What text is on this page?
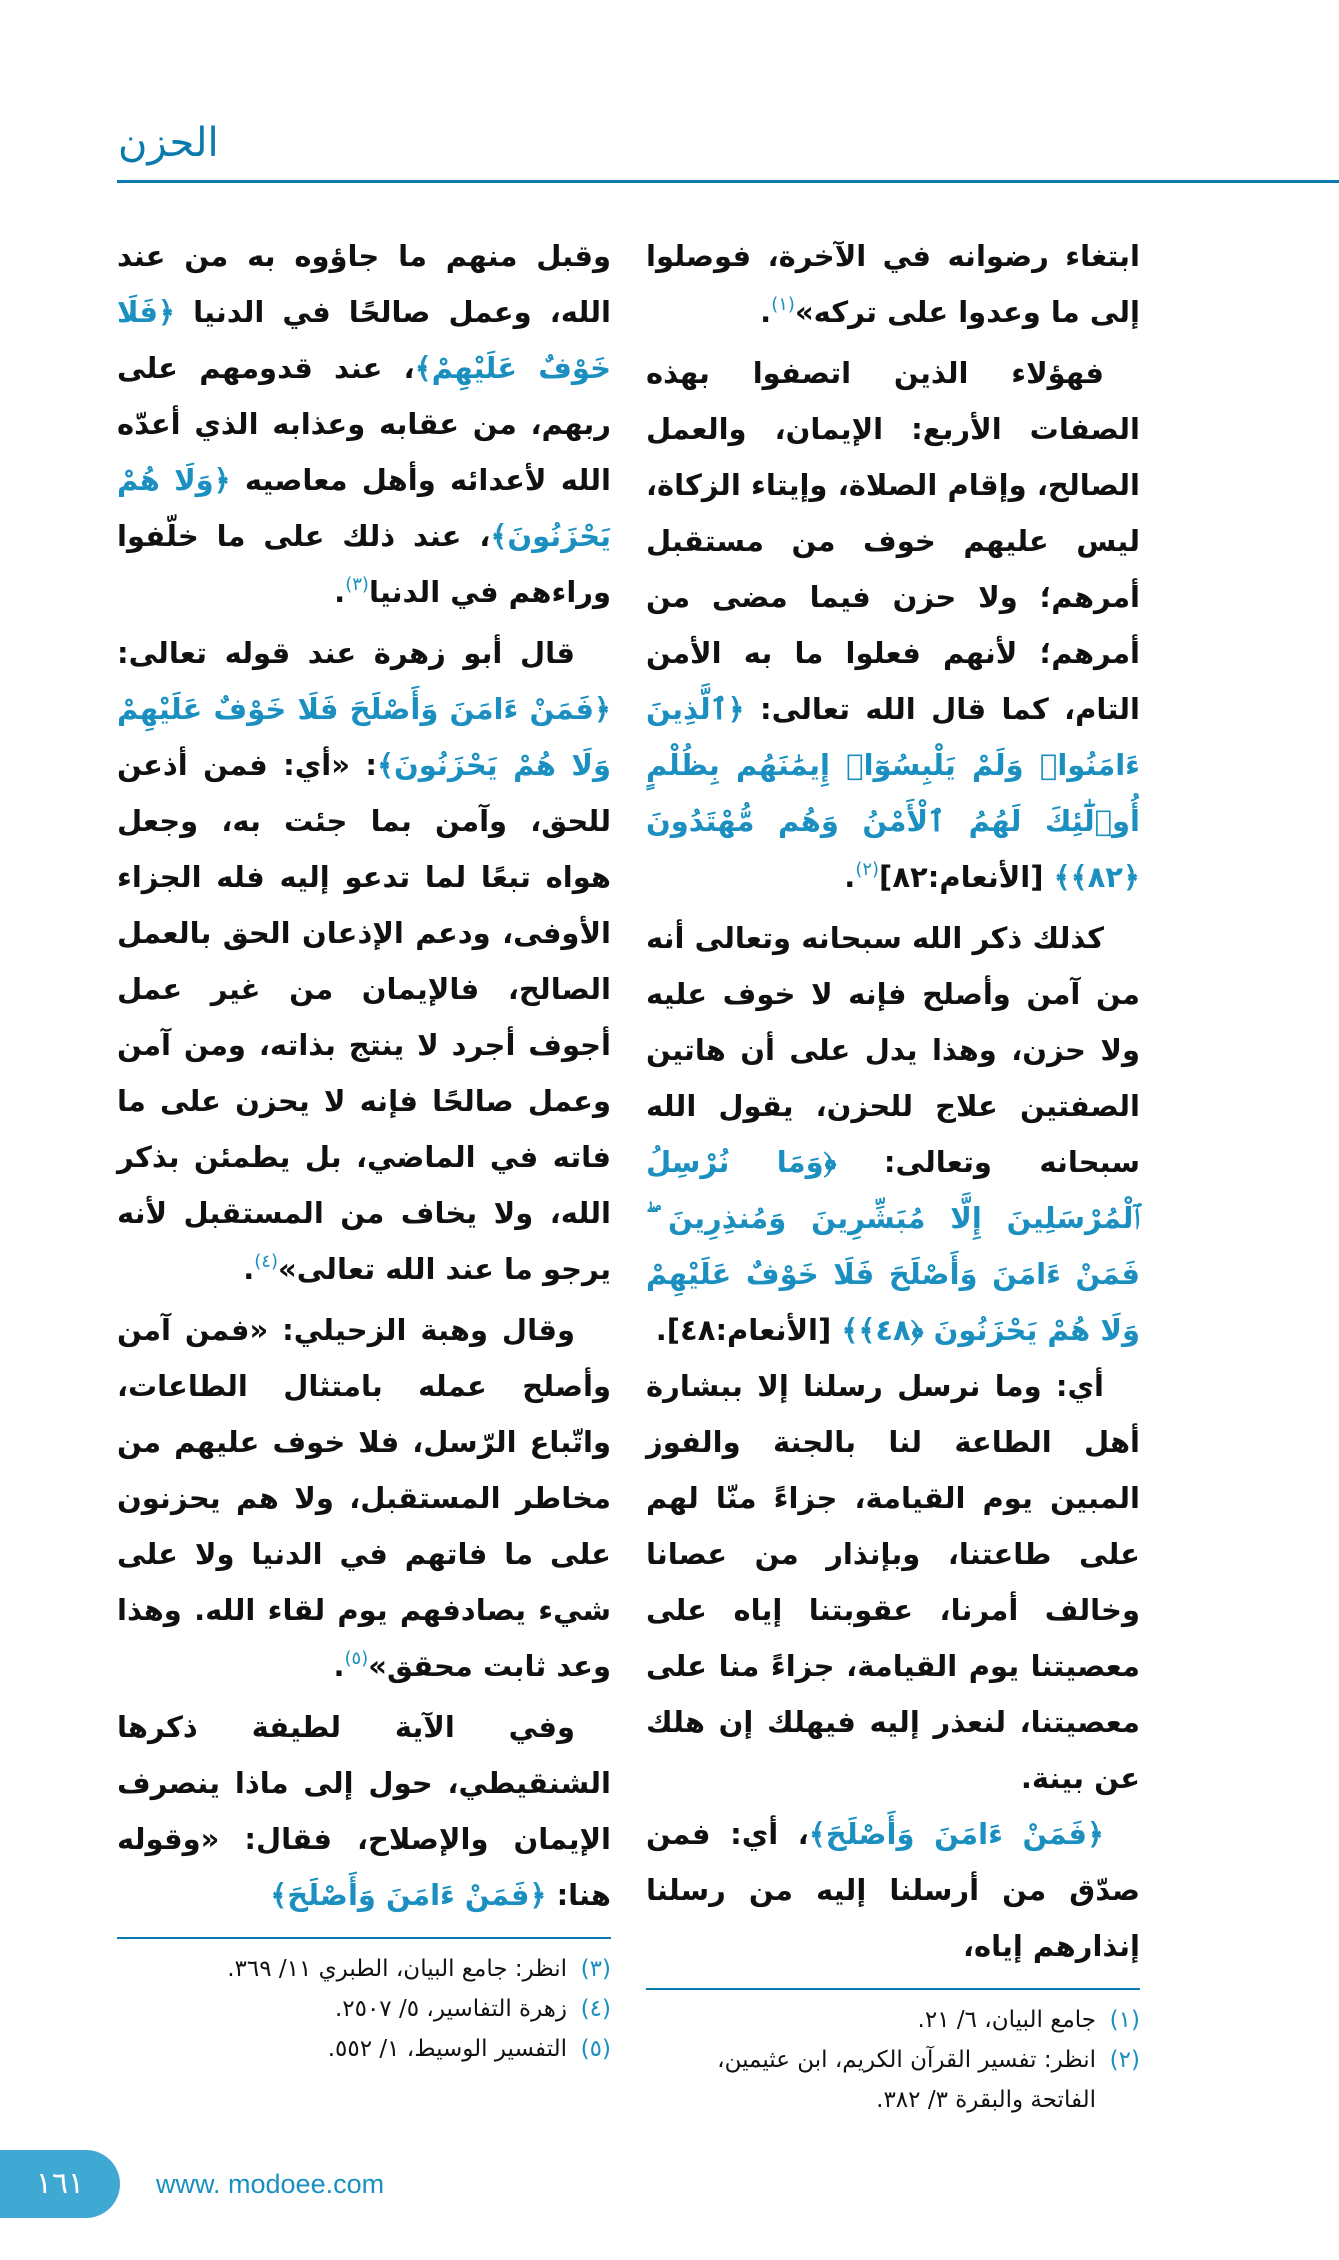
الحزن

وقبل منهم ما جاؤوه به من عند الله، وعمل صالحًا في الدنيا ﴿فَلَا خَوْفٌ عَلَيْهِمْ﴾، عند قدومهم على ربهم، من عقابه وعذابه الذي أعدّه الله لأعدائه وأهل معاصيه ﴿وَلَا هُمْ يَحْزَنُونَ﴾، عند ذلك على ما خلّفوا وراءهم في الدنيا$^{(٣)}$.

قال أبو زهرة عند قوله تعالى: ﴿فَمَنْ ءَامَنَ وَأَصْلَحَ فَلَا خَوْفٌ عَلَيْهِمْ وَلَا هُمْ يَحْزَنُونَ﴾: «أي: فمن أذعن للحق، وآمن بما جئت به، وجعل هواه تبعًا لما تدعو إليه فله الجزاء الأوفى، ودعم الإذعان الحق بالعمل الصالح، فالإيمان من غير عمل أجوف أجرد لا ينتج بذاته، ومن آمن وعمل صالحًا فإنه لا يحزن على ما فاته في الماضي، بل يطمئن بذكر الله، ولا يخاف من المستقبل لأنه يرجو ما عند الله تعالى»$^{(٤)}$.

وقال وهبة الزحيلي: «فمن آمن وأصلح عمله بامتثال الطاعات، واتّباع الرّسل، فلا خوف عليهم من مخاطر المستقبل، ولا هم يحزنون على ما فاتهم في الدنيا ولا على شيء يصادفهم يوم لقاء الله. وهذا وعد ثابت محقق»$^{(٥)}$.

وفي الآية لطيفة ذكرها الشنقيطي، حول إلى ماذا ينصرف الإيمان والإصلاح، فقال: «وقوله هنا: ﴿فَمَنْ ءَامَنَ وَأَصْلَحَ﴾

(٣)انظر: جامع البيان، الطبري ١١/ ٣٦٩.
(٤)زهرة التفاسير، ٥/ ٢٥٠٧.
(٥)التفسير الوسيط، ١/ ٥٥٢.

ابتغاء رضوانه في الآخرة، فوصلوا إلى ما وعدوا على تركه»$^{(١)}$.

فهؤلاء الذين اتصفوا بهذه الصفات الأربع: الإيمان، والعمل الصالح، وإقام الصلاة، وإيتاء الزكاة، ليس عليهم خوف من مستقبل أمرهم؛ ولا حزن فيما مضى من أمرهم؛ لأنهم فعلوا ما به الأمن التام، كما قال الله تعالى: ﴿ٱلَّذِينَ ءَامَنُوا۟ وَلَمْ يَلْبِسُوٓا۟ إِيمَٰنَهُم بِظُلْمٍ أُو۟لَٰٓئِكَ لَهُمُ ٱلْأَمْنُ وَهُم مُّهْتَدُونَ ﴿٨٢﴾﴾ [الأنعام:٨٢]$^{(٢)}$.

كذلك ذكر الله سبحانه وتعالى أنه من آمن وأصلح فإنه لا خوف عليه ولا حزن، وهذا يدل على أن هاتين الصفتين علاج للحزن، يقول الله سبحانه وتعالى: ﴿وَمَا نُرْسِلُ ٱلْمُرْسَلِينَ إِلَّا مُبَشِّرِينَ وَمُنذِرِينَ ۖ فَمَنْ ءَامَنَ وَأَصْلَحَ فَلَا خَوْفٌ عَلَيْهِمْ وَلَا هُمْ يَحْزَنُونَ ﴿٤٨﴾﴾ [الأنعام:٤٨].

أي: وما نرسل رسلنا إلا ببشارة أهل الطاعة لنا بالجنة والفوز المبين يوم القيامة، جزاءً منّا لهم على طاعتنا، وبإنذار من عصانا وخالف أمرنا، عقوبتنا إياه على معصيتنا يوم القيامة، جزاءً منا على معصيتنا، لنعذر إليه فيهلك إن هلك عن بينة.

﴿فَمَنْ ءَامَنَ وَأَصْلَحَ﴾، أي: فمن صدّق من أرسلنا إليه من رسلنا إنذارهم إياه،

(١)جامع البيان، ٦/ ٢١.
(٢)انظر: تفسير القرآن الكريم، ابن عثيمين، الفاتحة والبقرة ٣/ ٣٨٢.
١٦١	www. modoee.com
